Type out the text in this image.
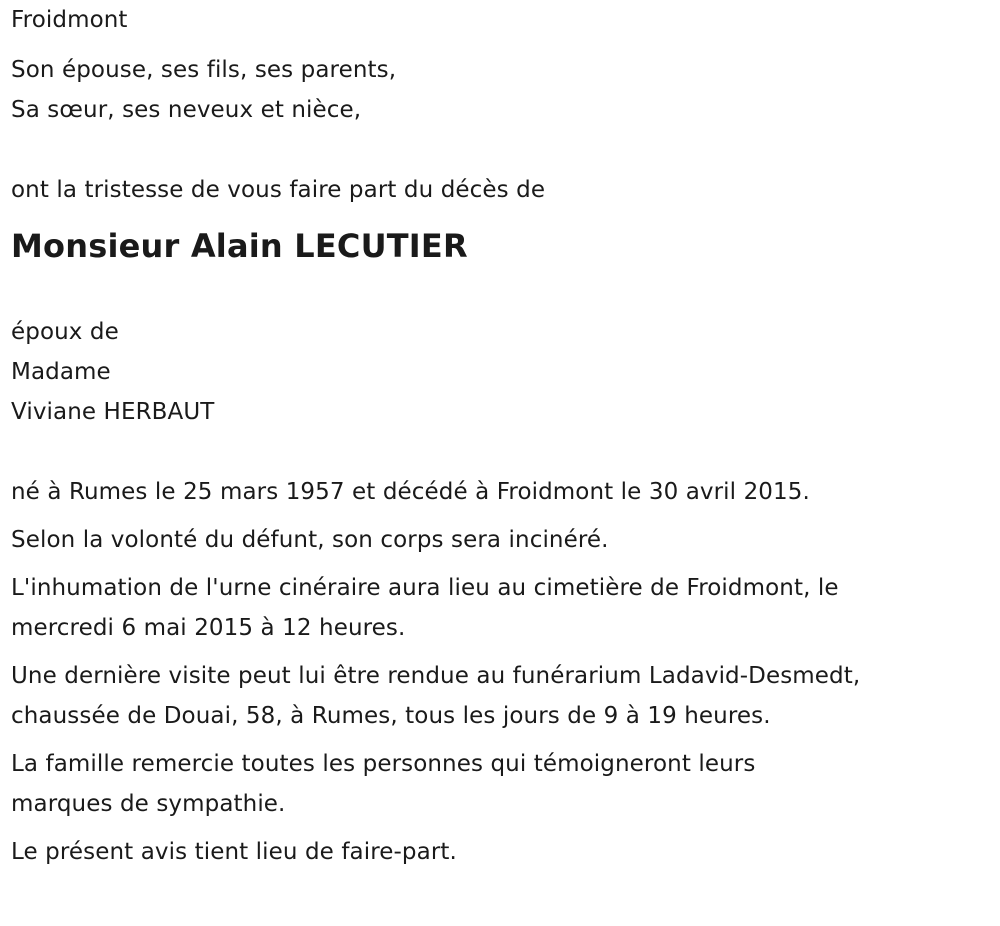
Froidmont
Son épouse, ses fils, ses parents,
Sa sœur, ses neveux et nièce,
ont la tristesse de vous faire part du décès de
Monsieur Alain LECUTIER
époux de
Madame
Viviane HERBAUT
né à Rumes le 25 mars 1957 et décédé à Froidmont le 30 avril 2015.
Selon la volonté du défunt, son corps sera incinéré.
L'inhumation de l'urne cinéraire aura lieu au cimetière de Froidmont, le
mercredi 6 mai 2015 à 12 heures.
Une dernière visite peut lui être rendue au funérarium Ladavid-Desmedt,
chaussée de Douai, 58, à Rumes, tous les jours de 9 à 19 heures.
La famille remercie toutes les personnes qui témoigneront leurs
marques de sympathie.
Le présent avis tient lieu de faire-part.
